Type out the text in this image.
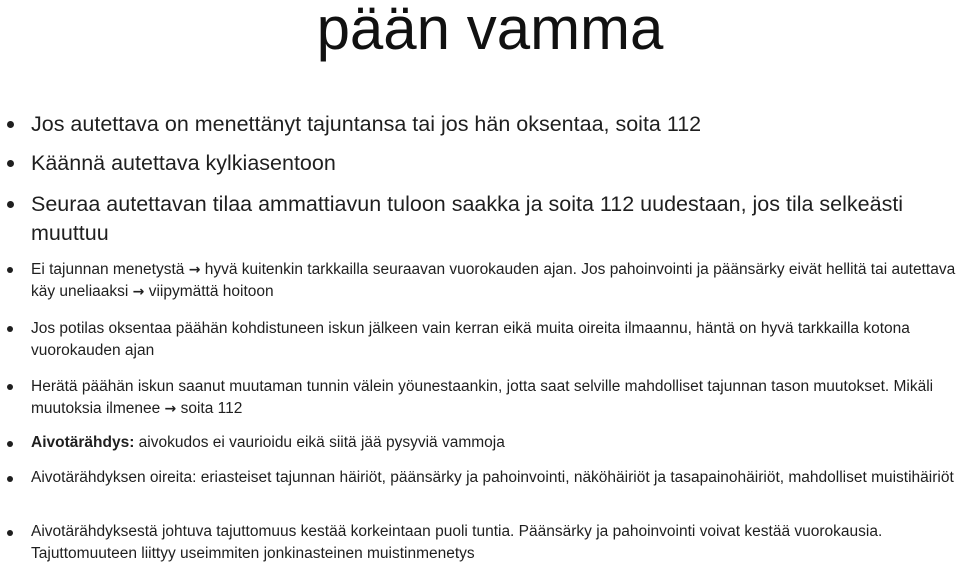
pään vamma
Jos autettava on menettänyt tajuntansa tai jos hän oksentaa, soita 112
Käännä autettava kylkiasentoon
Seuraa autettavan tilaa ammattiavun tuloon saakka ja soita 112 uudestaan, jos tila selkeästi muuttuu
Ei tajunnan menetystä → hyvä kuitenkin tarkkailla seuraavan vuorokauden ajan. Jos pahoinvointi ja päänsärky eivät hellitä tai autettava käy uneliaaksi → viipymättä hoitoon
Jos potilas oksentaa päähän kohdistuneen iskun jälkeen vain kerran eikä muita oireita ilmaannu, häntä on hyvä tarkkailla kotona vuorokauden ajan
Herätä päähän iskun saanut muutaman tunnin välein yöunestaankin, jotta saat selville mahdolliset tajunnan tason muutokset. Mikäli muutoksia ilmenee → soita 112
Aivotärähdys: aivokudos ei vaurioidu eikä siitä jää pysyviä vammoja
Aivotärähdyksen oireita: eriasteiset tajunnan häiriöt, päänsärky ja pahoinvointi, näköhäiriöt ja tasapainohäiriöt, mahdolliset muistihäiriöt
Aivotärähdyksestä johtuva tajuttomuus kestää korkeintaan puoli tuntia. Päänsärky ja pahoinvointi voivat kestää vuorokausia. Tajuttomuuteen liittyy useimmiten jonkinasteinen muistinmenetys
